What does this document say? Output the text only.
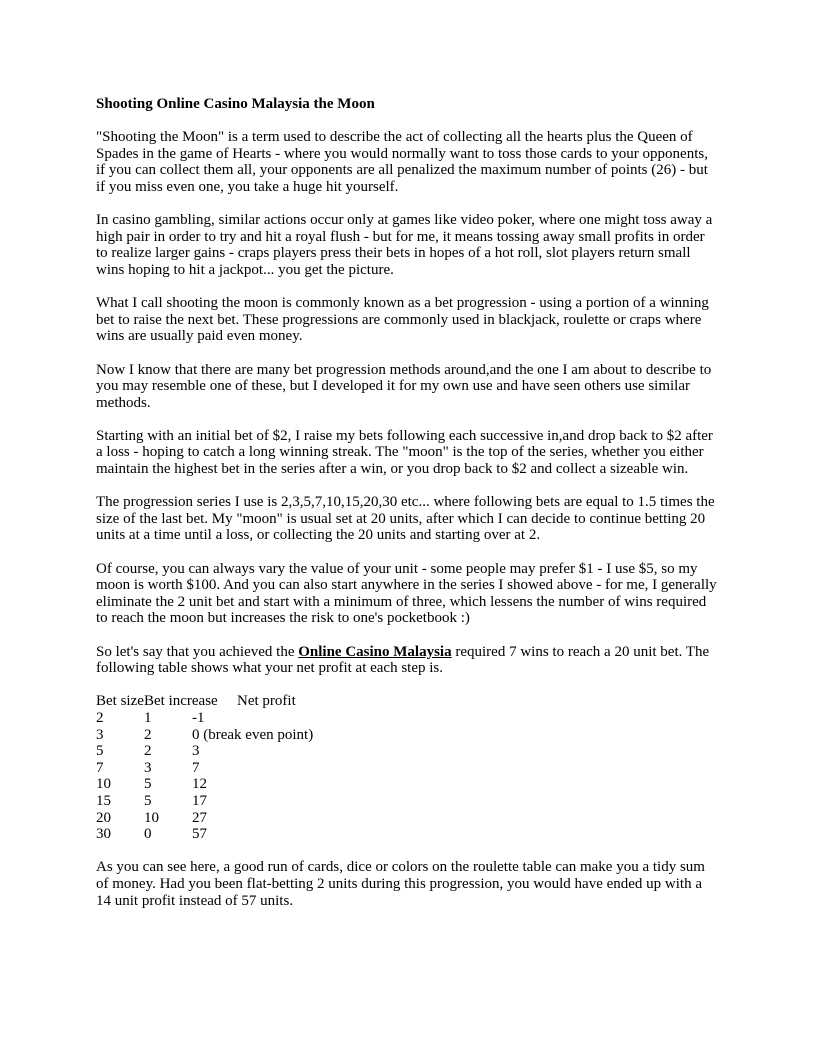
Shooting Online Casino Malaysia the Moon

"Shooting the Moon" is a term used to describe the act of collecting all the hearts plus the Queen of Spades in the game of Hearts - where you would normally want to toss those cards to your opponents, if you can collect them all, your opponents are all penalized the maximum number of points (26) - but if you miss even one, you take a huge hit yourself.

In casino gambling, similar actions occur only at games like video poker, where one might toss away a high pair in order to try and hit a royal flush - but for me, it means tossing away small profits in order to realize larger gains - craps players press their bets in hopes of a hot roll, slot players return small wins hoping to hit a jackpot... you get the picture.

What I call shooting the moon is commonly known as a bet progression - using a portion of a winning bet to raise the next bet. These progressions are commonly used in blackjack, roulette or craps where wins are usually paid even money.

Now I know that there are many bet progression methods around,and the one I am about to describe to you may resemble one of these, but I developed it for my own use and have seen others use similar methods.

Starting with an initial bet of $2, I raise my bets following each successive in,and drop back to $2 after a loss - hoping to catch a long winning streak. The "moon" is the top of the series, whether you either maintain the highest bet in the series after a win, or you drop back to $2 and collect a sizeable win.

The progression series I use is 2,3,5,7,10,15,20,30 etc... where following bets are equal to 1.5 times the size of the last bet. My "moon" is usual set at 20 units, after which I can decide to continue betting 20 units at a time until a loss, or collecting the 20 units and starting over at 2.

Of course, you can always vary the value of your unit - some people may prefer $1 - I use $5, so my moon is worth $100. And you can also start anywhere in the series I showed above - for me, I generally eliminate the 2 unit bet and start with a minimum of three, which lessens the number of wins required to reach the moon but increases the risk to one's pocketbook :)

So let's say that you achieved the Online Casino Malaysia required 7 wins to reach a 20 unit bet. The following table shows what your net profit at each step is.

Bet size Bet increase Net profit
2	1	-1
3	2	0 (break even point)
5	2	3
7	3	7
10 5	12
15 5	17
20 10 27
30 0	57

As you can see here, a good run of cards, dice or colors on the roulette table can make you a tidy sum of money. Had you been flat-betting 2 units during this progression, you would have ended up with a 14 unit profit instead of 57 units.
